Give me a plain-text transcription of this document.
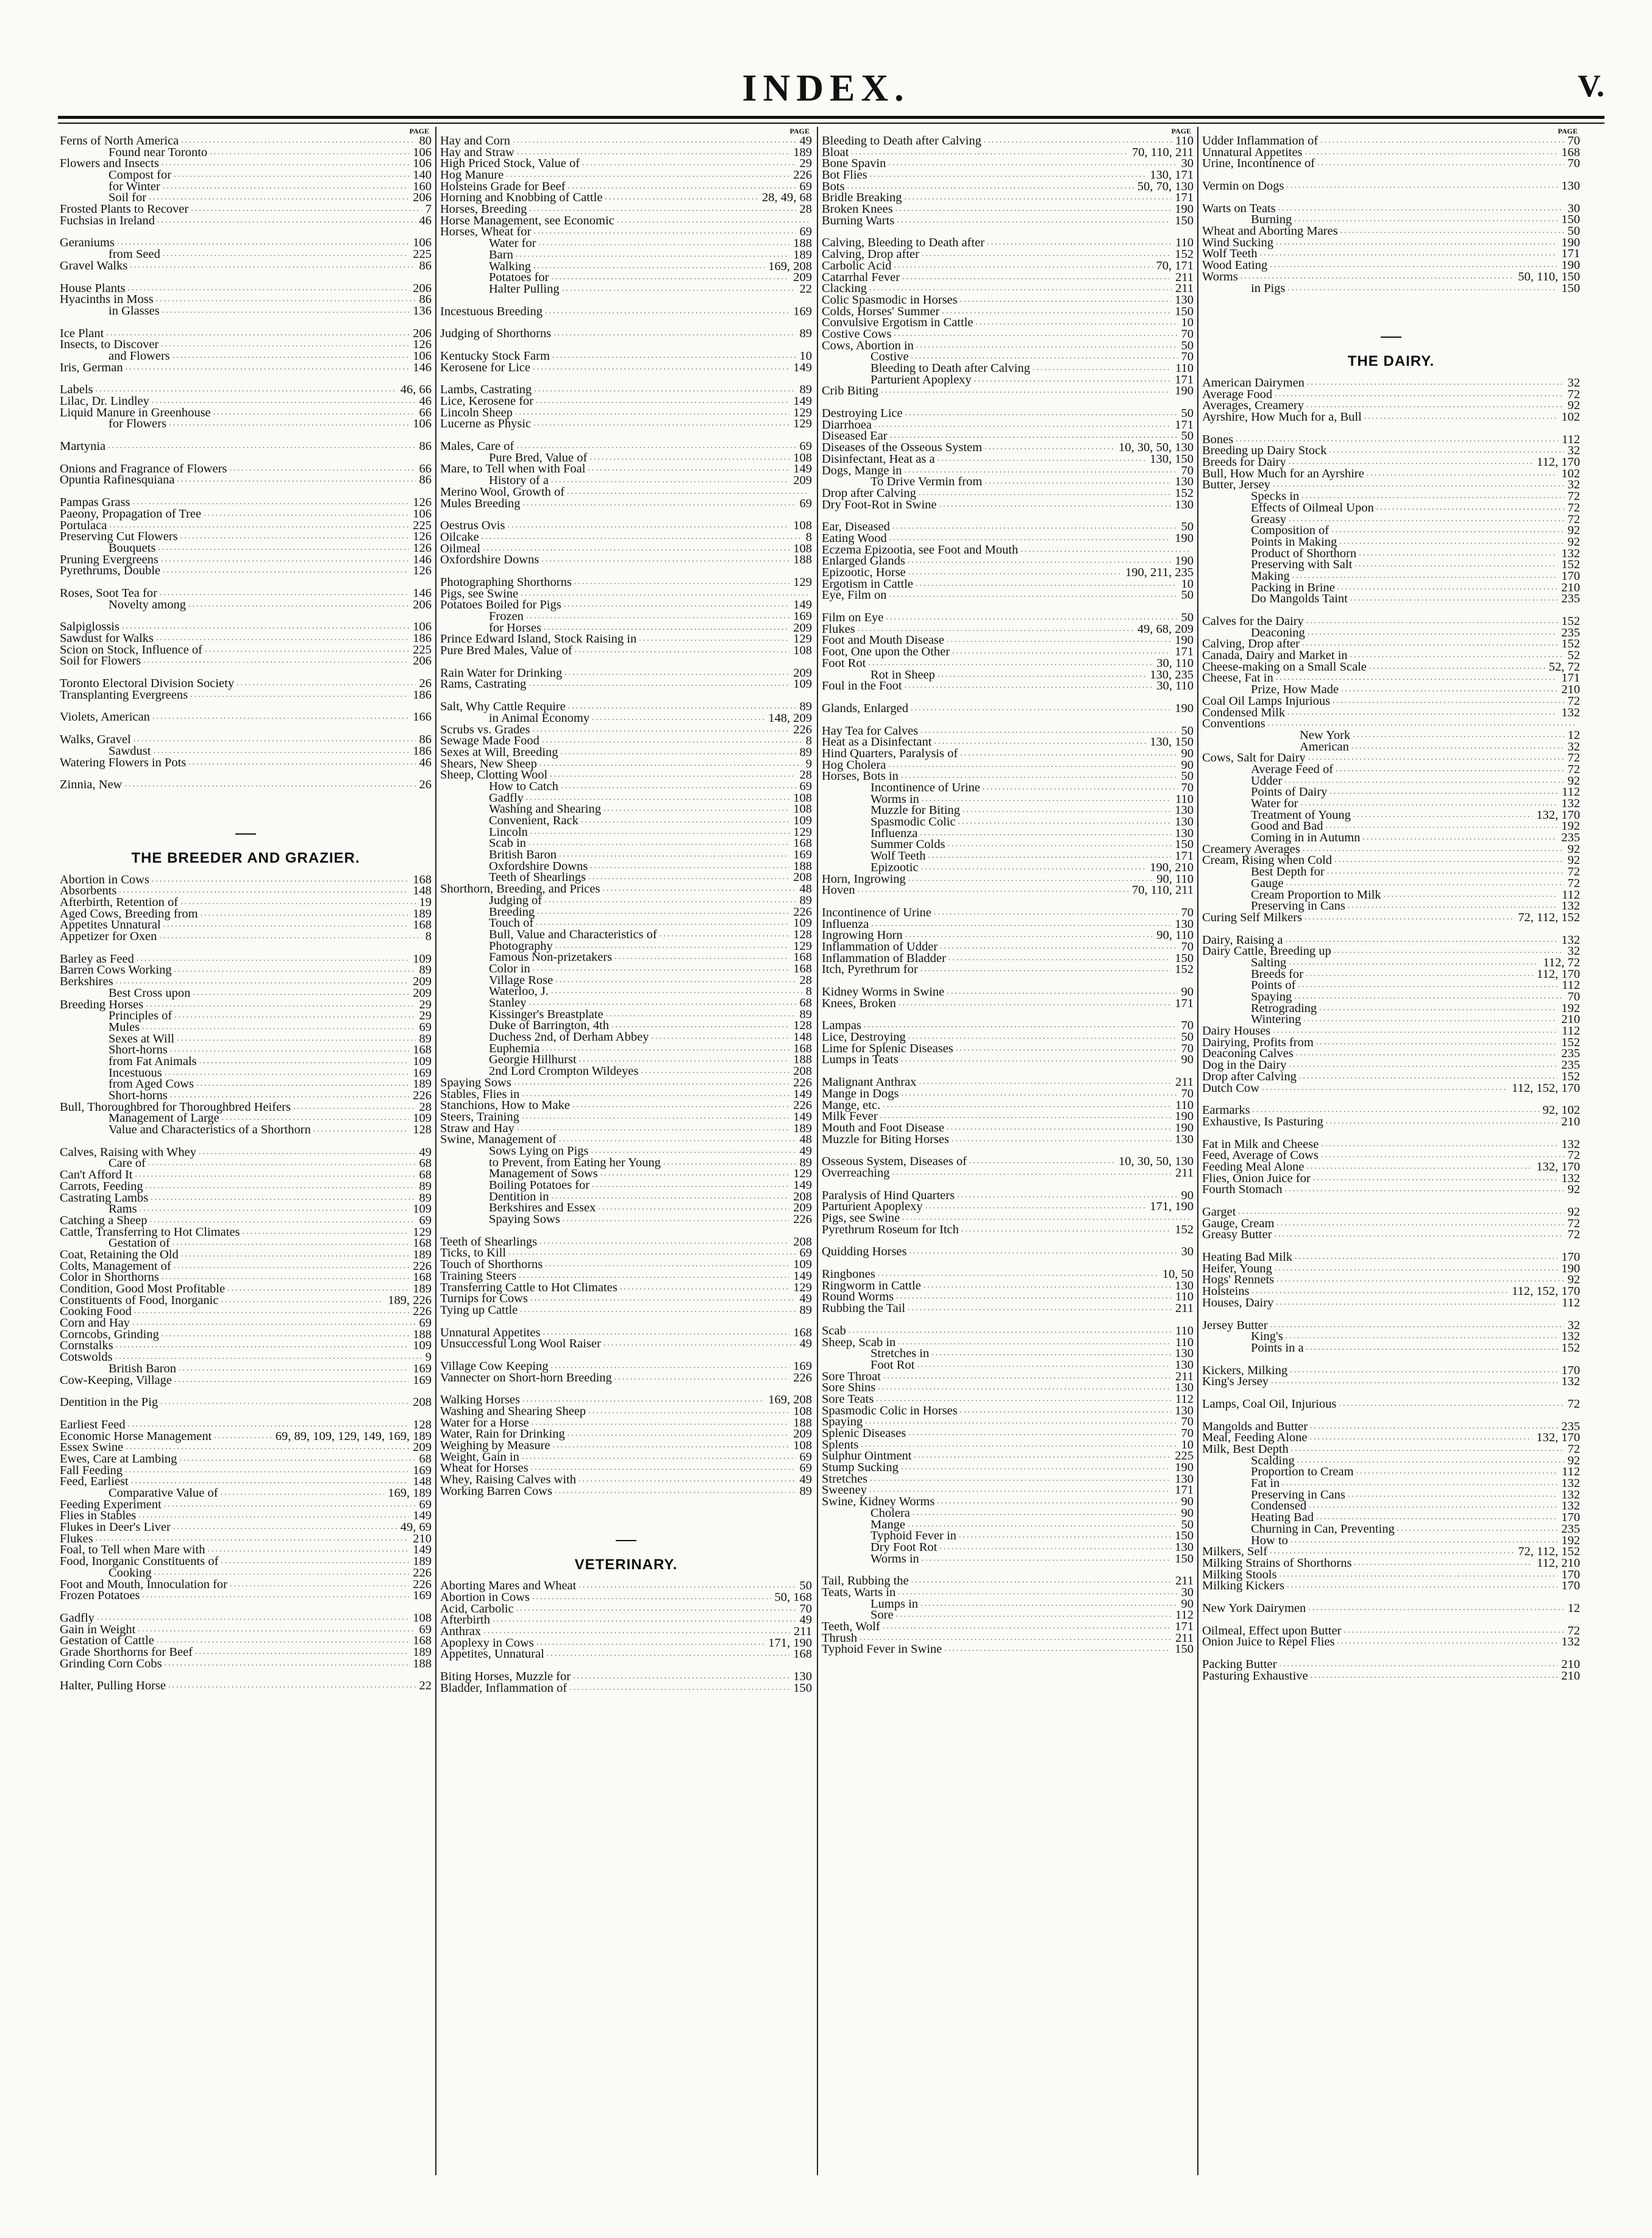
INDEX.	V.
PAGE
Ferns of North America .....	80
Found near Toronto .....	106
Flowers and Insects .....	106
Compost for .....	140
for Winter .....	160
Soil for .....	206
Frosted Plants to Recover .....	7
Fuchsias in Ireland .....	46
Geraniums .....	106
from Seed .....	225
Gravel Walks .....	86
House Plants .....	206
Hyacinths in Moss .....	86
in Glasses .....	136
Ice Plant .....	206
Insects, to Discover .....	126
and Flowers .....	106
Iris, German .....	146
Labels .....	46, 66
Lilac, Dr. Lindley .....	46
Liquid Manure in Greenhouse .....	66
for Flowers .....	106
Martynia .....	86
Onions and Fragrance of Flowers .....	66
Opuntia Rafinesquiana .....	86
Pampas Grass .....	126
Paeony, Propagation of Tree .....	106
Portulaca .....	225
Preserving Cut Flowers .....	126
Bouquets .....	126
Pruning Evergreens .....	146
Pyrethrums, Double .....	126
Roses, Soot Tea for .....	146
Novelty among .....	206
Salpiglossis .....	106
Sawdust for Walks .....	186
Scion on Stock, Influence of .....	225
Soil for Flowers .....	206
Toronto Electoral Division Society .....	26
Transplanting Evergreens .....	186
Violets, American .....	166
Walks, Gravel .....	86
Sawdust .....	186
Watering Flowers in Pots .....	46
Zinnia, New .....	26
THE BREEDER AND GRAZIER.
Abortion in Cows .....	168
Absorbents .....	148
Afterbirth, Retention of .....	19
Aged Cows, Breeding from .....	189
Appetites Unnatural .....	168
Appetizer for Oxen .....	8
Barley as Feed .....	109
Barren Cows Working .....	89
Berkshires .....	209
Best Cross upon .....	209
Breeding Horses .....	29
Principles of .....	29
Mules .....	69
Sexes at Will .....	89
Short-horns .....	168
from Fat Animals .....	109
Incestuous .....	169
from Aged Cows .....	189
Short-horns .....	226
Bull, Thoroughbred for Thoroughbred Heifers .....	28
Management of Large .....	109
Value and Characteristics of a Shorthorn .....	128
Calves, Raising with Whey .....	49
Care of .....	68
Can't Afford It .....	68
Carrots, Feeding .....	89
Castrating Lambs .....	89
Rams .....	109
Catching a Sheep .....	69
Cattle, Transferring to Hot Climates .....	129
Gestation of .....	168
Coat, Retaining the Old .....	189
Colts, Management of .....	226
Color in Shorthorns .....	168
Condition, Good Most Profitable .....	189
Constituents of Food, Inorganic .....	189, 226
Cooking Food .....	226
Corn and Hay .....	69
Corncobs, Grinding .....	188
Cornstalks .....	109
Cotswolds .....	9
British Baron .....	169
Cow-Keeping, Village .....	169
Dentition in the Pig .....	208
Earliest Feed .....	128
Economic Horse Management .....	69, 89, 109, 129, 149, 169, 189
Essex Swine .....	209
Ewes, Care at Lambing .....	68
Fall Feeding .....	169
Feed, Earliest .....	148
Comparative Value of .....	169, 189
Feeding Experiment .....	69
Flies in Stables .....	149
Flukes in Deer's Liver .....	49, 69
Flukes .....	210
Foal, to Tell when Mare with .....	149
Food, Inorganic Constituents of .....	189
Cooking .....	226
Foot and Mouth, Innoculation for .....	226
Frozen Potatoes .....	169
Gadfly .....	108
Gain in Weight .....	69
Gestation of Cattle .....	168
Grade Shorthorns for Beef .....	189
Grinding Corn Cobs .....	188
Halter, Pulling Horse .....	22
PAGE
Hay and Corn .....	49
Hay and Straw .....	189
High Priced Stock, Value of .....	29
Hog Manure .....	226
Holsteins Grade for Beef .....	69
Horning and Knobbing of Cattle .....	28, 49, 68
Horses, Breeding .....	28
Horse Management, see Economic
.....
Horses, Wheat for .....	69
Water for .....	188
Barn .....	189
Walking .....	169, 208
Potatoes for .....	209
Halter Pulling .....	22
Incestuous Breeding .....	169
Judging of Shorthorns .....	89
Kentucky Stock Farm .....	10
Kerosene for Lice .....	149
Lambs, Castrating .....	89
Lice, Kerosene for .....	149
Lincoln Sheep .....	129
Lucerne as Physic .....	129
Males, Care of .....	69
Pure Bred, Value of .....	108
Mare, to Tell when with Foal .....	149
History of a .....	209
Merino Wool, Growth of
.....
Mules Breeding .....	69
Oestrus Ovis .....	108
Oilcake .....	8
Oilmeal .....	108
Oxfordshire Downs .....	188
Photographing Shorthorns .....	129
Pigs, see Swine
.....
Potatoes Boiled for Pigs .....	149
Frozen .....	169
for Horses .....	209
Prince Edward Island, Stock Raising in .....	129
Pure Bred Males, Value of .....	108
Rain Water for Drinking .....	209
Rams, Castrating .....	109
Salt, Why Cattle Require .....	89
in Animal Economy .....	148, 209
Scrubs vs. Grades .....	226
Sewage Made Food .....	8
Sexes at Will, Breeding .....	89
Shears, New Sheep .....	9
Sheep, Clotting Wool .....	28
How to Catch .....	69
Gadfly .....	108
Washing and Shearing .....	108
Convenient, Rack .....	109
Lincoln .....	129
Scab in .....	168
British Baron .....	169
Oxfordshire Downs .....	188
Teeth of Shearlings .....	208
Shorthorn, Breeding, and Prices .....	48
Judging of .....	89
Breeding .....	226
Touch of .....	109
Bull, Value and Characteristics of .....	128
Photography .....	129
Famous Non-prizetakers .....	168
Color in .....	168
Village Rose .....	28
Waterloo, J. .....	8
Stanley .....	68
Kissinger's Breastplate .....	89
Duke of Barrington, 4th .....	128
Duchess 2nd, of Derham Abbey .....	148
Euphemia .....	168
Georgie Hillhurst .....	188
2nd Lord Crompton Wildeyes .....	208
Spaying Sows .....	226
Stables, Flies in .....	149
Stanchions, How to Make .....	226
Steers, Training .....	149
Straw and Hay .....	189
Swine, Management of .....	48
Sows Lying on Pigs .....	49
to Prevent, from Eating her Young .....	89
Management of Sows .....	129
Boiling Potatoes for .....	149
Dentition in .....	208
Berkshires and Essex .....	209
Spaying Sows .....	226
Teeth of Shearlings .....	208
Ticks, to Kill .....	69
Touch of Shorthorns .....	109
Training Steers .....	149
Transferring Cattle to Hot Climates .....	129
Turnips for Cows .....	49
Tying up Cattle .....	89
Unnatural Appetites .....	168
Unsuccessful Long Wool Raiser .....	49
Village Cow Keeping .....	169
Vannecter on Short-horn Breeding .....	226
Walking Horses .....	169, 208
Washing and Shearing Sheep .....	108
Water for a Horse .....	188
Water, Rain for Drinking .....	209
Weighing by Measure .....	108
Weight, Gain in .....	69
Wheat for Horses .....	69
Whey, Raising Calves with .....	49
Working Barren Cows .....	89
VETERINARY.
Aborting Mares and Wheat .....	50
Abortion in Cows .....	50, 168
Acid, Carbolic .....	70
Afterbirth .....	49
Anthrax .....	211
Apoplexy in Cows .....	171, 190
Appetites, Unnatural .....	168
Biting Horses, Muzzle for .....	130
Bladder, Inflammation of .....	150
PAGE
Bleeding to Death after Calving .....	110
Bloat .....	70, 110, 211
Bone Spavin .....	30
Bot Flies .....	130, 171
Bots .....	50, 70, 130
Bridle Breaking .....	171
Broken Knees .....	190
Burning Warts .....	150
Calving, Bleeding to Death after .....	110
Calving, Drop after .....	152
Carbolic Acid .....	70, 171
Catarrhal Fever .....	211
Clacking .....	211
Colic Spasmodic in Horses .....	130
Colds, Horses' Summer .....	150
Convulsive Ergotism in Cattle .....	10
Costive Cows .....	70
Cows, Abortion in .....	50
Costive .....	70
Bleeding to Death after Calving .....	110
Parturient Apoplexy .....	171
Crib Biting .....	190
Destroying Lice .....	50
Diarrhoea .....	171
Diseased Ear .....	50
Diseases of the Osseous System .....	10, 30, 50, 130
Disinfectant, Heat as a .....	130, 150
Dogs, Mange in .....	70
To Drive Vermin from .....	130
Drop after Calving .....	152
Dry Foot-Rot in Swine .....	130
Ear, Diseased .....	50
Eating Wood .....	190
Eczema Epizootia, see Foot and Mouth
.....
Enlarged Glands .....	190
Epizootic, Horse .....	190, 211, 235
Ergotism in Cattle .....	10
Eye, Film on .....	50
Film on Eye .....	50
Flukes .....	49, 68, 209
Foot and Mouth Disease .....	190
Foot, One upon the Other .....	171
Foot Rot .....	30, 110
Rot in Sheep .....	130, 235
Foul in the Foot .....	30, 110
Glands, Enlarged .....	190
Hay Tea for Calves .....	50
Heat as a Disinfectant .....	130, 150
Hind Quarters, Paralysis of .....	90
Hog Cholera .....	90
Horses, Bots in .....	50
Incontinence of Urine .....	70
Worms in .....	110
Muzzle for Biting .....	130
Spasmodic Colic .....	130
Influenza .....	130
Summer Colds .....	150
Wolf Teeth .....	171
Epizootic .....	190, 210
Horn, Ingrowing .....	90, 110
Hoven .....	70, 110, 211
Incontinence of Urine .....	70
Influenza .....	130
Ingrowing Horn .....	90, 110
Inflammation of Udder .....	70
Inflammation of Bladder .....	150
Itch, Pyrethrum for .....	152
Kidney Worms in Swine .....	90
Knees, Broken .....	171
Lampas .....	70
Lice, Destroying .....	50
Lime for Splenic Diseases .....	70
Lumps in Teats .....	90
Malignant Anthrax .....	211
Mange in Dogs .....	70
Mange, etc. .....	110
Milk Fever .....	190
Mouth and Foot Disease .....	190
Muzzle for Biting Horses .....	130
Osseous System, Diseases of .....	10, 30, 50, 130
Overreaching .....	211
Paralysis of Hind Quarters .....	90
Parturient Apoplexy .....	171, 190
Pigs, see Swine
.....
Pyrethrum Roseum for Itch .....	152
Quidding Horses .....	30
Ringbones .....	10, 50
Ringworm in Cattle .....	130
Round Worms .....	110
Rubbing the Tail .....	211
Scab .....	110
Sheep, Scab in .....	110
Stretches in .....	130
Foot Rot .....	130
Sore Throat .....	211
Sore Shins .....	130
Sore Teats .....	112
Spasmodic Colic in Horses .....	130
Spaying .....	70
Splenic Diseases .....	70
Splents .....	10
Sulphur Ointment .....	225
Stump Sucking .....	190
Stretches .....	130
Sweeney .....	171
Swine, Kidney Worms .....	90
Cholera .....	90
Mange .....	50
Typhoid Fever in .....	150
Dry Foot Rot .....	130
Worms in .....	150
Tail, Rubbing the .....	211
Teats, Warts in .....	30
Lumps in .....	90
Sore .....	112
Teeth, Wolf .....	171
Thrush .....	211
Typhoid Fever in Swine .....	150
PAGE
Udder Inflammation of .....	70
Unnatural Appetites .....	168
Urine, Incontinence of .....	70
Vermin on Dogs .....	130
Warts on Teats .....	30
Burning .....	150
Wheat and Aborting Mares .....	50
Wind Sucking .....	190
Wolf Teeth .....	171
Wood Eating .....	190
Worms .....	50, 110, 150
in Pigs .....	150
THE DAIRY.
American Dairymen .....	32
Average Food .....	72
Averages, Creamery .....	92
Ayrshire, How Much for a, Bull .....	102
Bones .....	112
Breeding up Dairy Stock .....	32
Breeds for Dairy .....	112, 170
Bull, How Much for an Ayrshire .....	102
Butter, Jersey .....	32
Specks in .....	72
Effects of Oilmeal Upon .....	72
Greasy .....	72
Composition of .....	92
Points in Making .....	92
Product of Shorthorn .....	132
Preserving with Salt .....	152
Making .....	170
Packing in Brine .....	210
Do Mangolds Taint .....	235
Calves for the Dairy .....	152
Deaconing .....	235
Calving, Drop after .....	152
Canada, Dairy and Market in .....	52
Cheese-making on a Small Scale .....	52, 72
Cheese, Fat in .....	171
Prize, How Made .....	210
Coal Oil Lamps Injurious .....	72
Condensed Milk .....	132
Conventions
.....
New York .....	12
American .....	32
Cows, Salt for Dairy .....	72
Average Feed of .....	72
Udder .....	92
Points of Dairy .....	112
Water for .....	132
Treatment of Young .....	132, 170
Good and Bad .....	192
Coming in in Autumn .....	235
Creamery Averages .....	92
Cream, Rising when Cold .....	92
Best Depth for .....	72
Gauge .....	72
Cream Proportion to Milk .....	112
Preserving in Cans .....	132
Curing Self Milkers .....	72, 112, 152
Dairy, Raising a .....	132
Dairy Cattle, Breeding up .....	32
Salting .....	112, 72
Breeds for .....	112, 170
Points of .....	112
Spaying .....	70
Retrograding .....	192
Wintering .....	210
Dairy Houses .....	112
Dairying, Profits from .....	152
Deaconing Calves .....	235
Dog in the Dairy .....	235
Drop after Calving .....	152
Dutch Cow .....	112, 152, 170
Earmarks .....	92, 102
Exhaustive, Is Pasturing .....	210
Fat in Milk and Cheese .....	132
Feed, Average of Cows .....	72
Feeding Meal Alone .....	132, 170
Flies, Onion Juice for .....	132
Fourth Stomach .....	92
Garget .....	92
Gauge, Cream .....	72
Greasy Butter .....	72
Heating Bad Milk .....	170
Heifer, Young .....	190
Hogs' Rennets .....	92
Holsteins .....	112, 152, 170
Houses, Dairy .....	112
Jersey Butter .....	32
King's .....	132
Points in a .....	152
Kickers, Milking .....	170
King's Jersey .....	132
Lamps, Coal Oil, Injurious .....	72
Mangolds and Butter .....	235
Meal, Feeding Alone .....	132, 170
Milk, Best Depth .....	72
Scalding .....	92
Proportion to Cream .....	112
Fat in .....	132
Preserving in Cans .....	132
Condensed .....	132
Heating Bad .....	170
Churning in Can, Preventing .....	235
How to .....	192
Milkers, Self .....	72, 112, 152
Milking Strains of Shorthorns .....	112, 210
Milking Stools .....	170
Milking Kickers .....	170
New York Dairymen .....	12
Oilmeal, Effect upon Butter .....	72
Onion Juice to Repel Flies .....	132
Packing Butter .....	210
Pasturing Exhaustive .....	210
